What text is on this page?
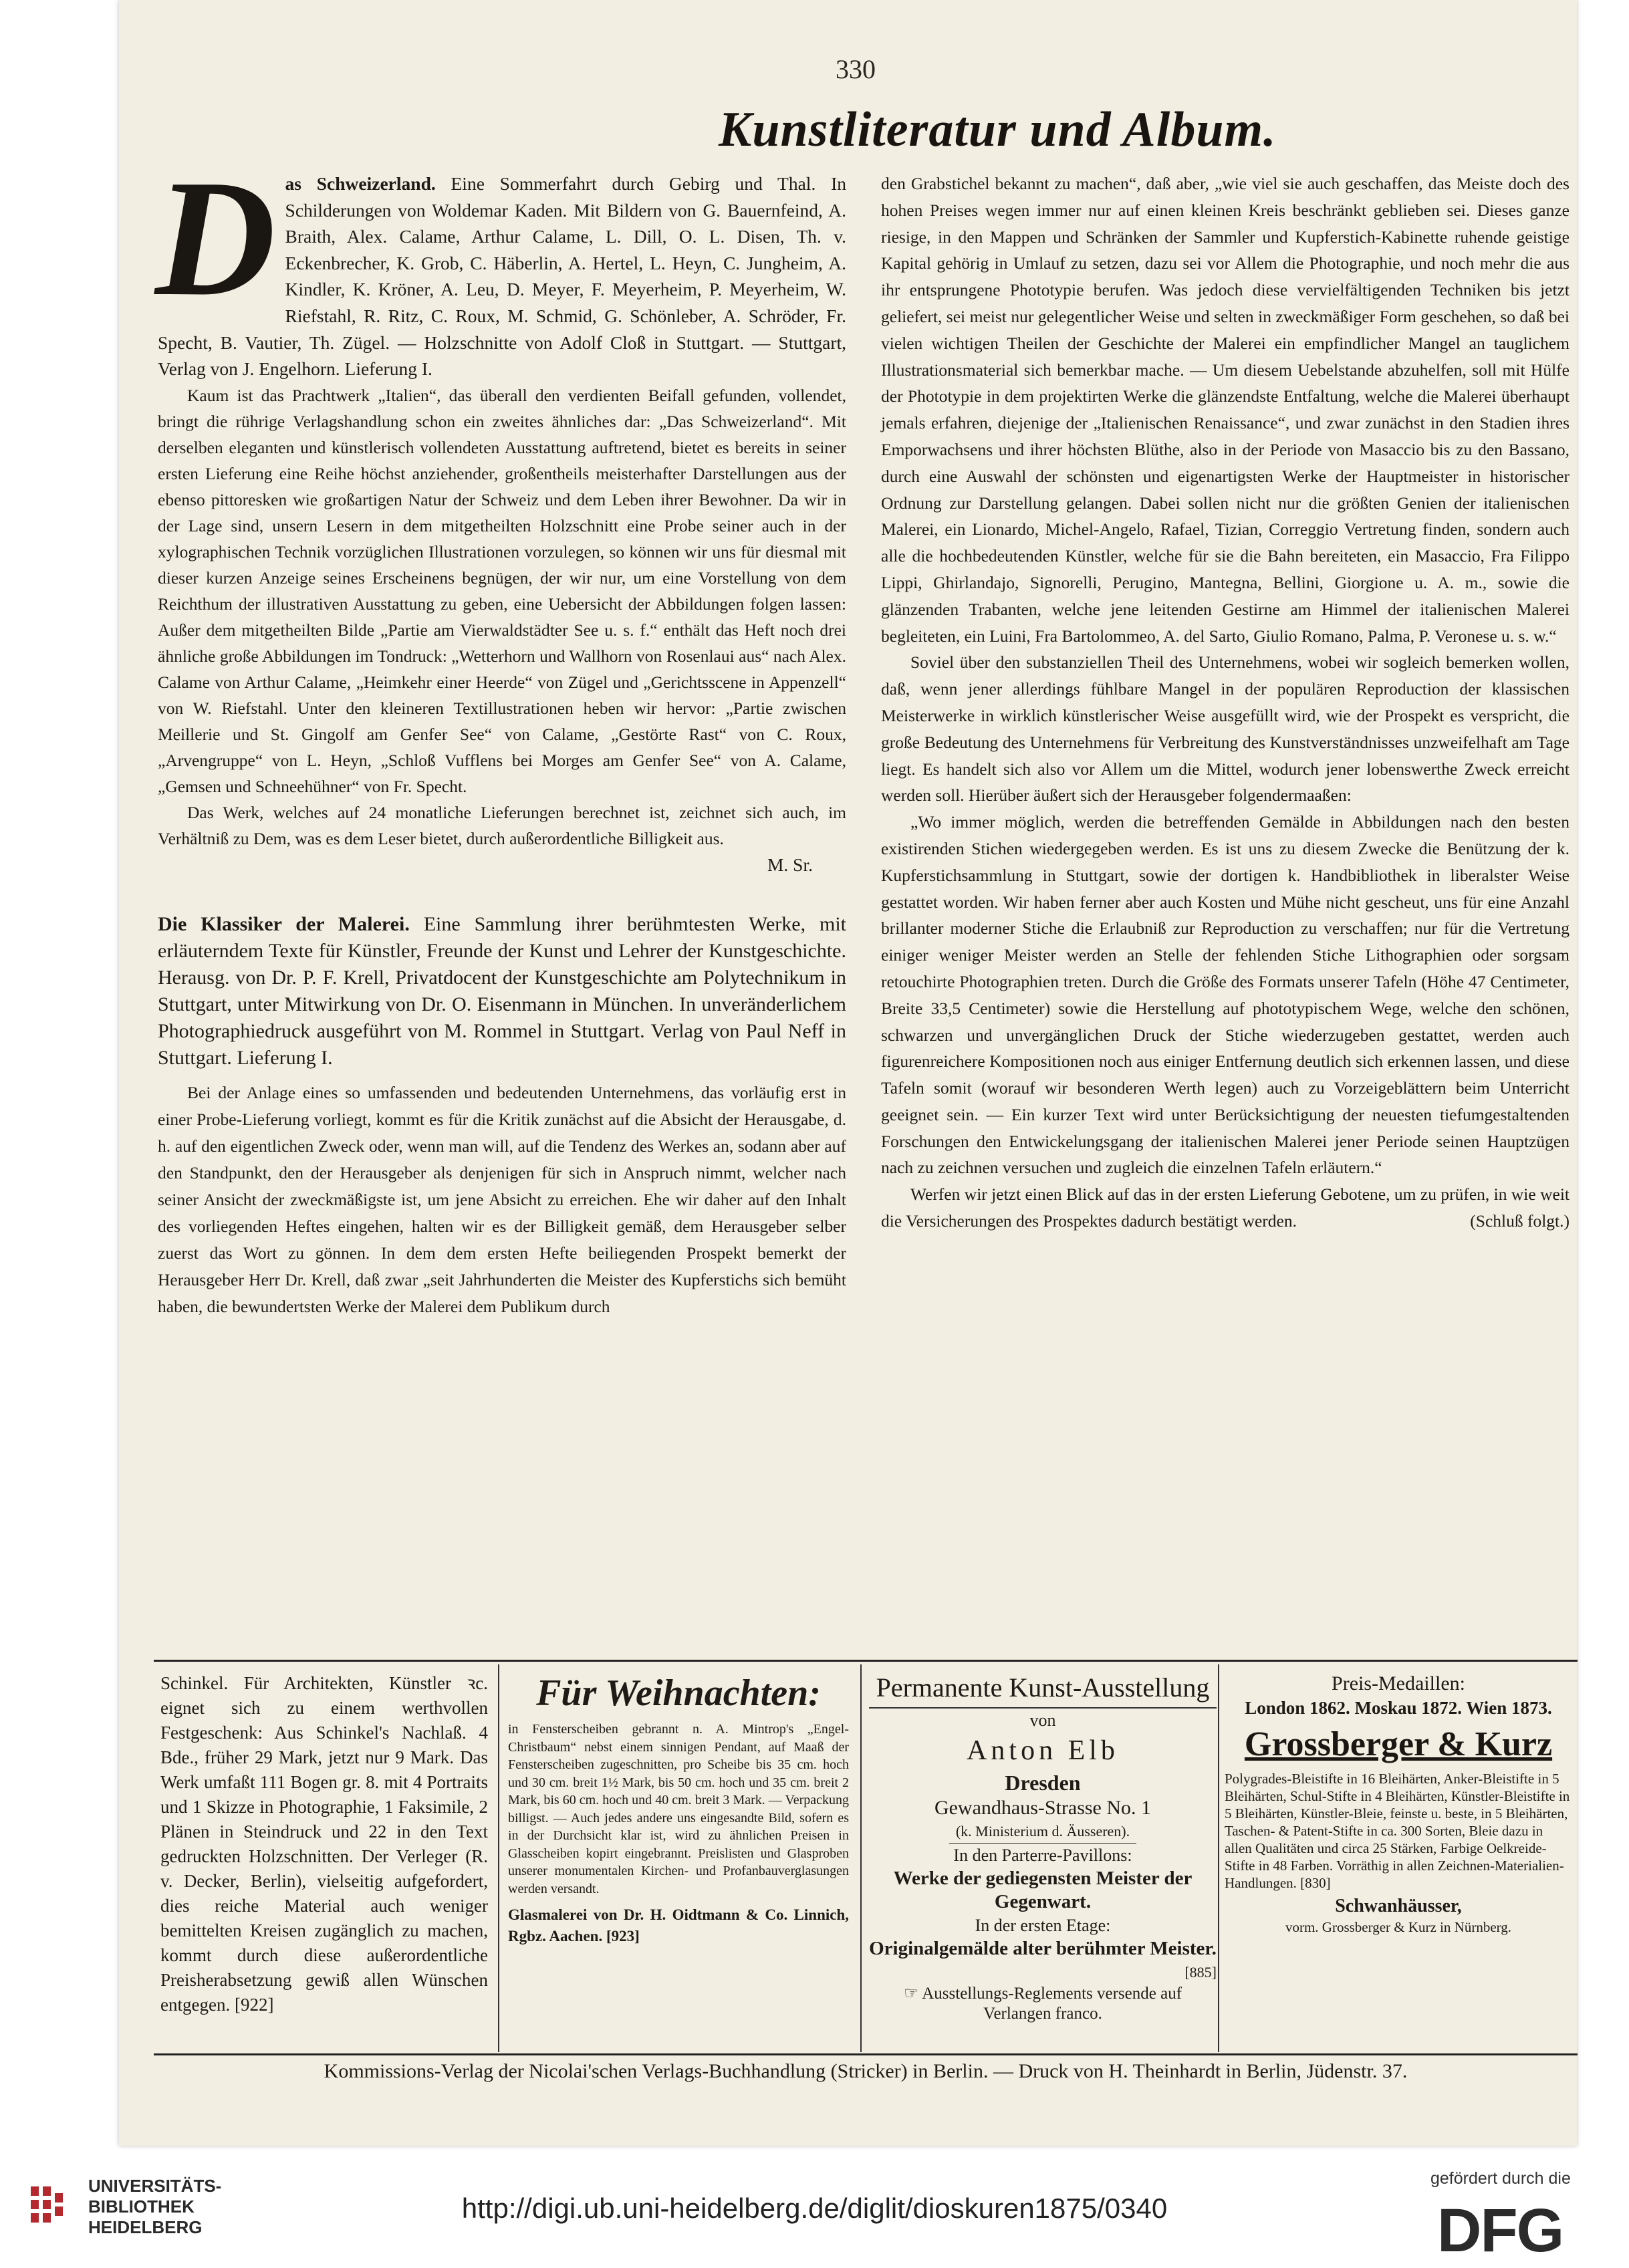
330
Kunstliteratur und Album.
D as Schweizerland. Eine Sommerfahrt durch Gebirg und Thal. In Schilderungen von Woldemar Kaden. Mit Bildern von G. Bauernfeind, A. Braith, Alex. Calame, Arthur Calame, L. Dill, O. L. Disen, Th. v. Eckenbrecher, K. Grob, C. Häberlin, A. Hertel, L. Heyn, C. Jungheim, A. Kindler, K. Kröner, A. Leu, D. Meyer, F. Meyerheim, P. Meyerheim, W. Riefstahl, R. Ritz, C. Roux, M. Schmid, G. Schönleber, A. Schröder, Fr. Specht, B. Vautier, Th. Zügel. — Holzschnitte von Adolf Cloß in Stuttgart. — Stuttgart, Verlag von J. Engelhorn. Lieferung I.

Kaum ist das Prachtwerk „Italien“, das überall den verdienten Beifall gefunden, vollendet, bringt die rührige Verlagshandlung schon ein zweites ähnliches dar: „Das Schweizerland“. Mit derselben eleganten und künstlerisch vollendeten Ausstattung auftretend, bietet es bereits in seiner ersten Lieferung eine Reihe höchst anziehender, großentheils meisterhafter Darstellungen aus der ebenso pittoresken wie großartigen Natur der Schweiz und dem Leben ihrer Bewohner. Da wir in der Lage sind, unsern Lesern in dem mitgetheilten Holzschnitt eine Probe seiner auch in der xylographischen Technik vorzüglichen Illustrationen vorzulegen, so können wir uns für diesmal mit dieser kurzen Anzeige seines Erscheinens begnügen, der wir nur, um eine Vorstellung von dem Reichthum der illustrativen Ausstattung zu geben, eine Uebersicht der Abbildungen folgen lassen: Außer dem mitgetheilten Bilde „Partie am Vierwaldstädter See u. s. f.“ enthält das Heft noch drei ähnliche große Abbildungen im Tondruck: „Wetterhorn und Wallhorn von Rosenlaui aus“ nach Alex. Calame von Arthur Calame, „Heimkehr einer Heerde“ von Zügel und „Gerichtsscene in Appenzell“ von W. Riefstahl. Unter den kleineren Textillustrationen heben wir hervor: „Partie zwischen Meillerie und St. Gingolf am Genfer See“ von Calame, „Gestörte Rast“ von C. Roux, „Arvengruppe“ von L. Heyn, „Schloß Vufflens bei Morges am Genfer See“ von A. Calame, „Gemsen und Schneehühner“ von Fr. Specht.

Das Werk, welches auf 24 monatliche Lieferungen berechnet ist, zeichnet sich auch, im Verhältniß zu Dem, was es dem Leser bietet, durch außerordentliche Billigkeit aus.

M. Sr.

Die Klassiker der Malerei. Eine Sammlung ihrer berühmtesten Werke, mit erläuterndem Texte für Künstler, Freunde der Kunst und Lehrer der Kunstgeschichte. Herausg. von Dr. P. F. Krell, Privatdocent der Kunstgeschichte am Polytechnikum in Stuttgart, unter Mitwirkung von Dr. O. Eisenmann in München. In unveränderlichem Photographiedruck ausgeführt von M. Rommel in Stuttgart. Verlag von Paul Neff in Stuttgart. Lieferung I.

Bei der Anlage eines so umfassenden und bedeutenden Unternehmens, das vorläufig erst in einer Probe-Lieferung vorliegt, kommt es für die Kritik zunächst auf die Absicht der Herausgabe, d. h. auf den eigentlichen Zweck oder, wenn man will, auf die Tendenz des Werkes an, sodann aber auf den Standpunkt, den der Herausgeber als denjenigen für sich in Anspruch nimmt, welcher nach seiner Ansicht der zweckmäßigste ist, um jene Absicht zu erreichen. Ehe wir daher auf den Inhalt des vorliegenden Heftes eingehen, halten wir es der Billigkeit gemäß, dem Herausgeber selber zuerst das Wort zu gönnen. In dem dem ersten Hefte beiliegenden Prospekt bemerkt der Herausgeber Herr Dr. Krell, daß zwar „seit Jahrhunderten die Meister des Kupferstichs sich bemüht haben, die bewundertsten Werke der Malerei dem Publikum durch

den Grabstichel bekannt zu machen“, daß aber, „wie viel sie auch geschaffen, das Meiste doch des hohen Preises wegen immer nur auf einen kleinen Kreis beschränkt geblieben sei. Dieses ganze riesige, in den Mappen und Schränken der Sammler und Kupferstich-Kabinette ruhende geistige Kapital gehörig in Umlauf zu setzen, dazu sei vor Allem die Photographie, und noch mehr die aus ihr entsprungene Phototypie berufen. Was jedoch diese vervielfältigenden Techniken bis jetzt geliefert, sei meist nur gelegentlicher Weise und selten in zweckmäßiger Form geschehen, so daß bei vielen wichtigen Theilen der Geschichte der Malerei ein empfindlicher Mangel an tauglichem Illustrationsmaterial sich bemerkbar mache. — Um diesem Uebelstande abzuhelfen, soll mit Hülfe der Phototypie in dem projektirten Werke die glänzendste Entfaltung, welche die Malerei überhaupt jemals erfahren, diejenige der „Italienischen Renaissance“, und zwar zunächst in den Stadien ihres Emporwachsens und ihrer höchsten Blüthe, also in der Periode von Masaccio bis zu den Bassano, durch eine Auswahl der schönsten und eigenartigsten Werke der Hauptmeister in historischer Ordnung zur Darstellung gelangen. Dabei sollen nicht nur die größten Genien der italienischen Malerei, ein Lionardo, Michel-Angelo, Rafael, Tizian, Correggio Vertretung finden, sondern auch alle die hochbedeutenden Künstler, welche für sie die Bahn bereiteten, ein Masaccio, Fra Filippo Lippi, Ghirlandajo, Signorelli, Perugino, Mantegna, Bellini, Giorgione u. A. m., sowie die glänzenden Trabanten, welche jene leitenden Gestirne am Himmel der italienischen Malerei begleiteten, ein Luini, Fra Bartolommeo, A. del Sarto, Giulio Romano, Palma, P. Veronese u. s. w.“

Soviel über den substanziellen Theil des Unternehmens, wobei wir sogleich bemerken wollen, daß, wenn jener allerdings fühlbare Mangel in der populären Reproduction der klassischen Meisterwerke in wirklich künstlerischer Weise ausgefüllt wird, wie der Prospekt es verspricht, die große Bedeutung des Unternehmens für Verbreitung des Kunstverständnisses unzweifelhaft am Tage liegt. Es handelt sich also vor Allem um die Mittel, wodurch jener lobenswerthe Zweck erreicht werden soll. Hierüber äußert sich der Herausgeber folgendermaaßen:

„Wo immer möglich, werden die betreffenden Gemälde in Abbildungen nach den besten existirenden Stichen wiedergegeben werden. Es ist uns zu diesem Zwecke die Benützung der k. Kupferstichsammlung in Stuttgart, sowie der dortigen k. Handbibliothek in liberalster Weise gestattet worden. Wir haben ferner aber auch Kosten und Mühe nicht gescheut, uns für eine Anzahl brillanter moderner Stiche die Erlaubniß zur Reproduction zu verschaffen; nur für die Vertretung einiger weniger Meister werden an Stelle der fehlenden Stiche Lithographien oder sorgsam retouchirte Photographien treten. Durch die Größe des Formats unserer Tafeln (Höhe 47 Centimeter, Breite 33,5 Centimeter) sowie die Herstellung auf phototypischem Wege, welche den schönen, schwarzen und unvergänglichen Druck der Stiche wiederzugeben gestattet, werden auch figurenreichere Kompositionen noch aus einiger Entfernung deutlich sich erkennen lassen, und diese Tafeln somit (worauf wir besonderen Werth legen) auch zu Vorzeigeblättern beim Unterricht geeignet sein. — Ein kurzer Text wird unter Berücksichtigung der neuesten tiefumgestaltenden Forschungen den Entwickelungsgang der italienischen Malerei jener Periode seinen Hauptzügen nach zu zeichnen versuchen und zugleich die einzelnen Tafeln erläutern.“

Werfen wir jetzt einen Blick auf das in der ersten Lieferung Gebotene, um zu prüfen, in wie weit die Versicherungen des Prospektes dadurch bestätigt werden.	(Schluß folgt.)

Schinkel. Für Architekten, Künstler ꝛc. eignet sich zu einem werthvollen Festgeschenk: Aus Schinkel's Nachlaß. 4 Bde., früher 29 Mark, jetzt nur 9 Mark. Das Werk umfaßt 111 Bogen gr. 8. mit 4 Portraits und 1 Skizze in Photographie, 1 Faksimile, 2 Plänen in Steindruck und 22 in den Text gedruckten Holzschnitten. Der Verleger (R. v. Decker, Berlin), vielseitig aufgefordert, dies reiche Material auch weniger bemittelten Kreisen zugänglich zu machen, kommt durch diese außerordentliche Preisherabsetzung gewiß allen Wünschen entgegen. [922]
Für Weihnachten:
in Fensterscheiben gebrannt n. A. Mintrop's „Engel-Christbaum“ nebst einem sinnigen Pendant, auf Maaß der Fensterscheiben zugeschnitten, pro Scheibe bis 35 cm. hoch und 30 cm. breit 1½ Mark, bis 50 cm. hoch und 35 cm. breit 2 Mark, bis 60 cm. hoch und 40 cm. breit 3 Mark. — Verpackung billigst. — Auch jedes andere uns eingesandte Bild, sofern es in der Durchsicht klar ist, wird zu ähnlichen Preisen in Glasscheiben kopirt eingebrannt. Preislisten und Glasproben unserer monumentalen Kirchen- und Profanbauverglasungen werden versandt.
Glasmalerei von Dr. H. Oidtmann & Co. Linnich, Rgbz. Aachen. [923]
Permanente Kunst-Ausstellung
von
Anton Elb
Dresden
Gewandhaus-Strasse No. 1
(k. Ministerium d. Äusseren).
In den Parterre-Pavillons:
Werke der gediegensten Meister der Gegenwart.
In der ersten Etage:
Originalgemälde alter berühmter Meister.
[885]
☞ Ausstellungs-Reglements versende auf Verlangen franco.
Preis-Medaillen:
London 1862. Moskau 1872. Wien 1873.
Grossberger & Kurz
Polygrades-Bleistifte in 16 Bleihärten, Anker-Bleistifte in 5 Bleihärten, Schul-Stifte in 4 Bleihärten, Künstler-Bleistifte in 5 Bleihärten, Künstler-Bleie, feinste u. beste, in 5 Bleihärten, Taschen- & Patent-Stifte in ca. 300 Sorten, Bleie dazu in allen Qualitäten und circa 25 Stärken, Farbige Oelkreide-Stifte in 48 Farben. Vorräthig in allen Zeichnen-Materialien-Handlungen. [830]
Schwanhäusser,
vorm. Grossberger & Kurz in Nürnberg.
Kommissions-Verlag der Nicolai'schen Verlags-Buchhandlung (Stricker) in Berlin. — Druck von H. Theinhardt in Berlin, Jüdenstr. 37.
UNIVERSITÄTS-
BIBLIOTHEK
HEIDELBERG
http://digi.ub.uni-heidelberg.de/diglit/dioskuren1875/0340
gefördert durch die
DFG
